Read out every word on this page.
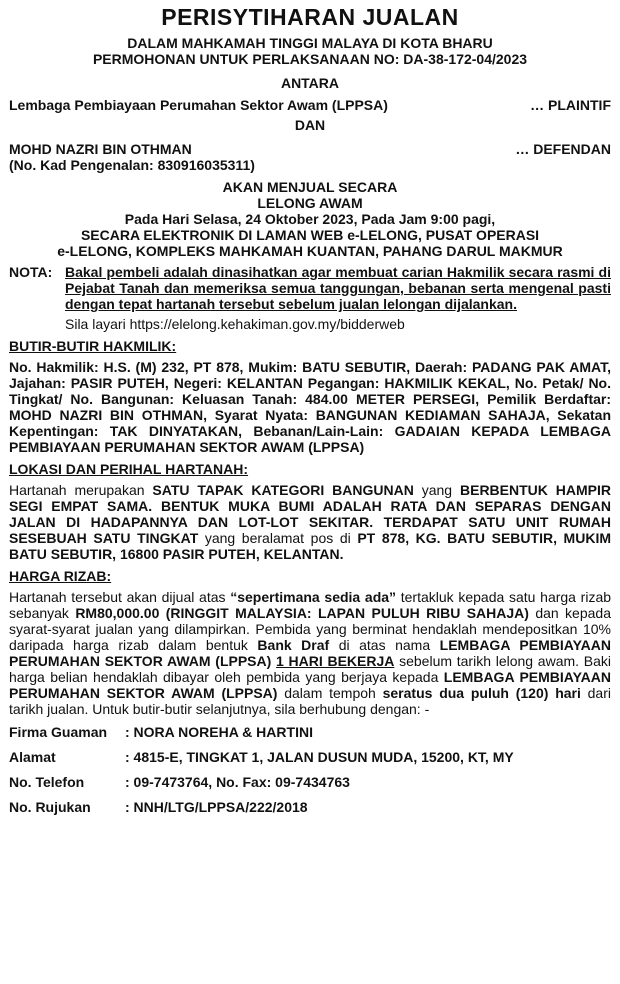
PERISYTIHARAN JUALAN
DALAM MAHKAMAH TINGGI MALAYA DI KOTA BHARU
PERMOHONAN UNTUK PERLAKSANAAN NO: DA-38-172-04/2023
ANTARA
Lembaga Pembiayaan Perumahan Sektor Awam (LPPSA)	… PLAINTIF
DAN
MOHD NAZRI BIN OTHMAN	… DEFENDAN
(No. Kad Pengenalan: 830916035311)
AKAN MENJUAL SECARA
LELONG AWAM
Pada Hari Selasa, 24 Oktober 2023, Pada Jam 9:00 pagi,
SECARA ELEKTRONIK DI LAMAN WEB e-LELONG, PUSAT OPERASI
e-LELONG, KOMPLEKS MAHKAMAH KUANTAN, PAHANG DARUL MAKMUR
NOTA: Bakal pembeli adalah dinasihatkan agar membuat carian Hakmilik secara rasmi di Pejabat Tanah dan memeriksa semua tanggungan, bebanan serta mengenal pasti dengan tepat hartanah tersebut sebelum jualan lelongan dijalankan.
Sila layari https://elelong.kehakiman.gov.my/bidderweb
BUTIR-BUTIR HAKMILIK:
No. Hakmilik: H.S. (M) 232, PT 878, Mukim: BATU SEBUTIR, Daerah: PADANG PAK AMAT, Jajahan: PASIR PUTEH, Negeri: KELANTAN Pegangan: HAKMILIK KEKAL, No. Petak/ No. Tingkat/ No. Bangunan: Keluasan Tanah: 484.00 METER PERSEGI, Pemilik Berdaftar: MOHD NAZRI BIN OTHMAN, Syarat Nyata: BANGUNAN KEDIAMAN SAHAJA, Sekatan Kepentingan: TAK DINYATAKAN, Bebanan/Lain-Lain: GADAIAN KEPADA LEMBAGA PEMBIAYAAN PERUMAHAN SEKTOR AWAM (LPPSA)
LOKASI DAN PERIHAL HARTANAH:
Hartanah merupakan SATU TAPAK KATEGORI BANGUNAN yang BERBENTUK HAMPIR SEGI EMPAT SAMA. BENTUK MUKA BUMI ADALAH RATA DAN SEPARAS DENGAN JALAN DI HADAPANNYA DAN LOT-LOT SEKITAR. TERDAPAT SATU UNIT RUMAH SESEBUAH SATU TINGKAT yang beralamat pos di PT 878, KG. BATU SEBUTIR, MUKIM BATU SEBUTIR, 16800 PASIR PUTEH, KELANTAN.
HARGA RIZAB:
Hartanah tersebut akan dijual atas “sepertimana sedia ada” tertakluk kepada satu harga rizab sebanyak RM80,000.00 (RINGGIT MALAYSIA: LAPAN PULUH RIBU SAHAJA) dan kepada syarat-syarat jualan yang dilampirkan. Pembida yang berminat hendaklah mendepositkan 10% daripada harga rizab dalam bentuk Bank Draf di atas nama LEMBAGA PEMBIAYAAN PERUMAHAN SEKTOR AWAM (LPPSA) 1 HARI BEKERJA sebelum tarikh lelong awam. Baki harga belian hendaklah dibayar oleh pembida yang berjaya kepada LEMBAGA PEMBIAYAAN PERUMAHAN SEKTOR AWAM (LPPSA) dalam tempoh seratus dua puluh (120) hari dari tarikh jualan. Untuk butir-butir selanjutnya, sila berhubung dengan: -
Firma Guaman	: NORA NOREHA & HARTINI
Alamat	: 4815-E, TINGKAT 1, JALAN DUSUN MUDA, 15200, KT, MY
No. Telefon	: 09-7473764, No. Fax: 09-7434763
No. Rujukan	: NNH/LTG/LPPSA/222/2018
